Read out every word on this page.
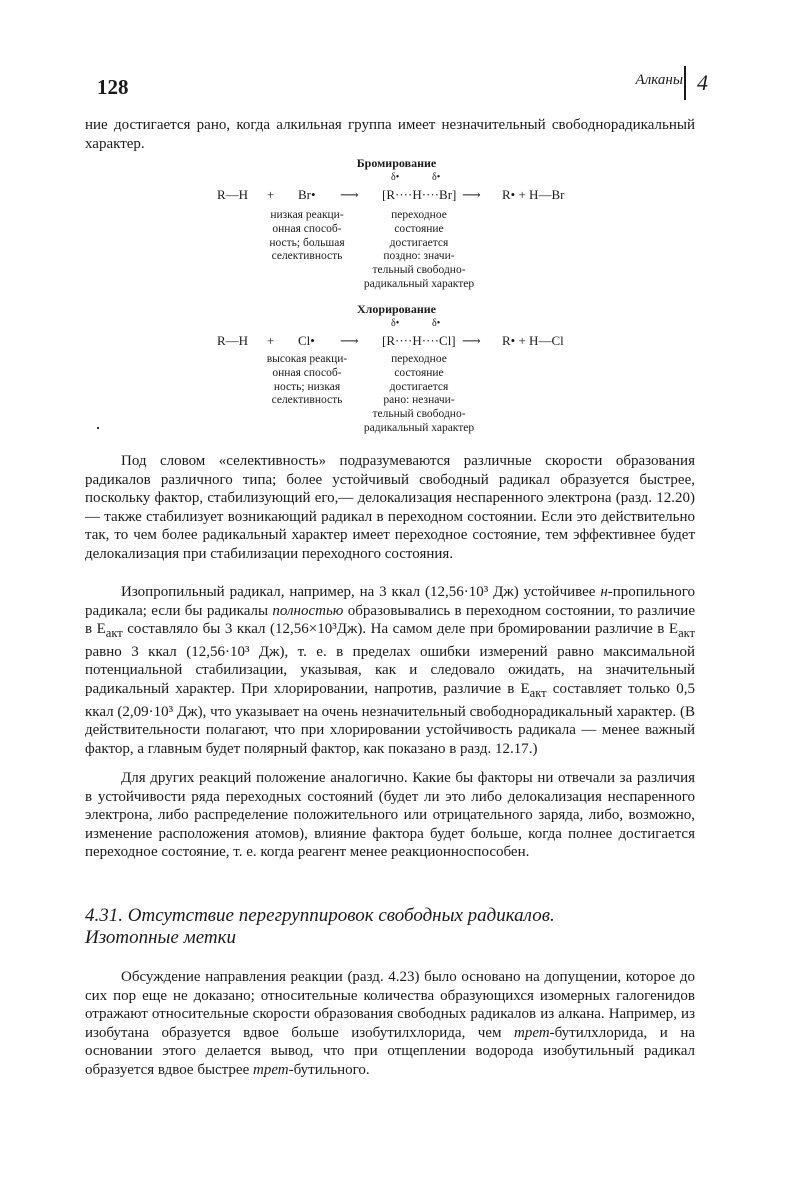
128	Алканы 4

ние достигается рано, когда алкильная группа имеет незначительный свободнорадикальный характер.

Бромирование
δ•	δ•
R—H + Br• ⟶ [R····H····Br] ⟶ R• + H—Br
низкая реакци-
онная способ-
ность; большая
селективность
переходное
состояние
достигается
поздно: значи-
тельный свободно-
радикальный характер
Хлорирование
δ•	δ•
R—H + Cl• ⟶ [R····H····Cl] ⟶ R• + H—Cl
высокая реакци-
онная способ-
ность; низкая
селективность
переходное
состояние
достигается
рано: незначи-
тельный свободно-
радикальный характер

Под словом «селективность» подразумеваются различные скорости образования радикалов различного типа; более устойчивый свободный радикал образуется быстрее, поскольку фактор, стабилизующий его,— делокализация неспаренного электрона (разд. 12.20) — также стабилизует возникающий радикал в переходном состоянии. Если это действительно так, то чем более радикальный характер имеет переходное состояние, тем эффективнее будет делокализация при стабилизации переходного состояния.

Изопропильный радикал, например, на 3 ккал (12,56·10³ Дж) устойчивее н-пропильного радикала; если бы радикалы полностью образовывались в переходном состоянии, то различие в $E_{акт}$ составляло бы 3 ккал (12,56×10³Дж). На самом деле при бромировании различие в $E_{акт}$ равно 3 ккал (12,56·10³ Дж), т. е. в пределах ошибки измерений равно максимальной потенциальной стабилизации, указывая, как и следовало ожидать, на значительный радикальный характер. При хлорировании, напротив, различие в $E_{акт}$ составляет только 0,5 ккал (2,09·10³ Дж), что указывает на очень незначительный свободнорадикальный характер. (В действительности полагают, что при хлорировании устойчивость радикала — менее важный фактор, а главным будет полярный фактор, как показано в разд. 12.17.)

Для других реакций положение аналогично. Какие бы факторы ни отвечали за различия в устойчивости ряда переходных состояний (будет ли это либо делокализация неспаренного электрона, либо распределение положительного или отрицательного заряда, либо, возможно, изменение расположения атомов), влияние фактора будет больше, когда полнее достигается переходное состояние, т. е. когда реагент менее реакционноспособен.

4.31. Отсутствие перегруппировок свободных радикалов.
Изотопные метки

Обсуждение направления реакции (разд. 4.23) было основано на допущении, которое до сих пор еще не доказано; относительные количества образующихся изомерных галогенидов отражают относительные скорости образования свободных радикалов из алкана. Например, из изобутана образуется вдвое больше изобутилхлорида, чем трет-бутилхлорида, и на основании этого делается вывод, что при отщеплении водорода изобутильный радикал образуется вдвое быстрее трет-бутильного.
